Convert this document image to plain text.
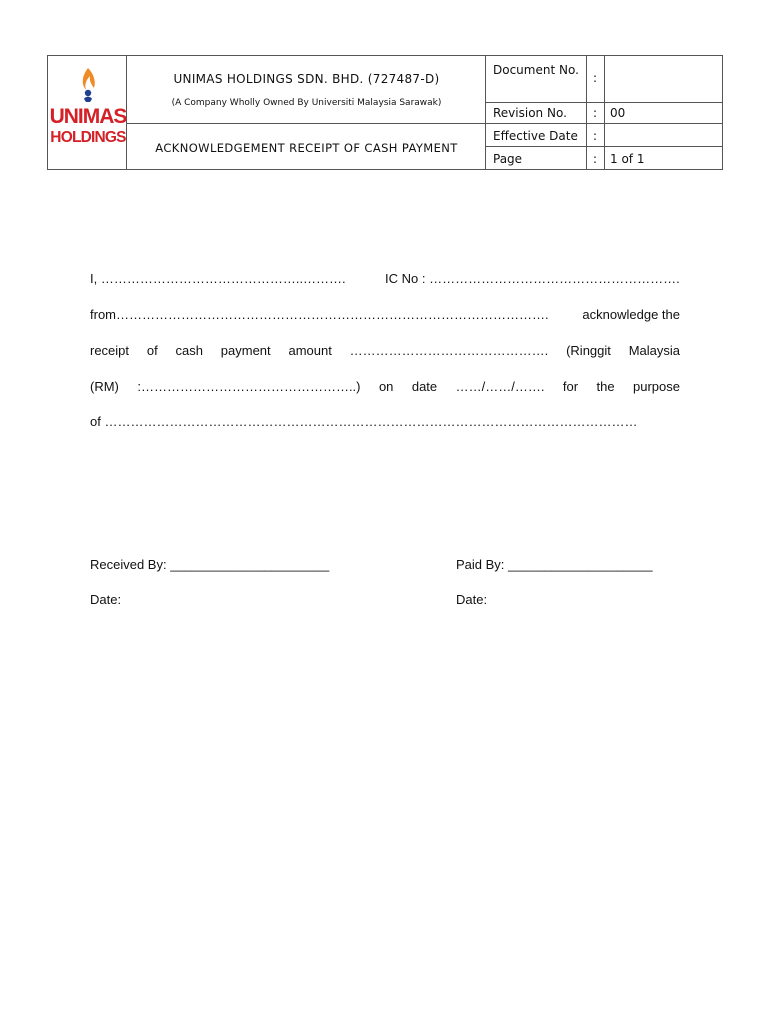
UNIMAS
HOLDINGS
UNIMAS HOLDINGS SDN. BHD. (727487-D)
(A Company Wholly Owned By Universiti Malaysia Sarawak)
ACKNOWLEDGEMENT RECEIPT OF CASH PAYMENT
Document No.
:
Revision No.	:	00
Effective Date	:
Page	:	1 of 1
I, ………………………………………..……….	IC No : ………………………………………………….
from……………………………………………………………………………………….	acknowledge the
receipt of cash payment amount ………………………………………. (Ringgit Malaysia
(RM) :…………………………………………..) on date ……/……/……. for the purpose
of ……………………………………………………………………………………………………………
Received By: ______________________	Paid By: ____________________
Date:	Date:
